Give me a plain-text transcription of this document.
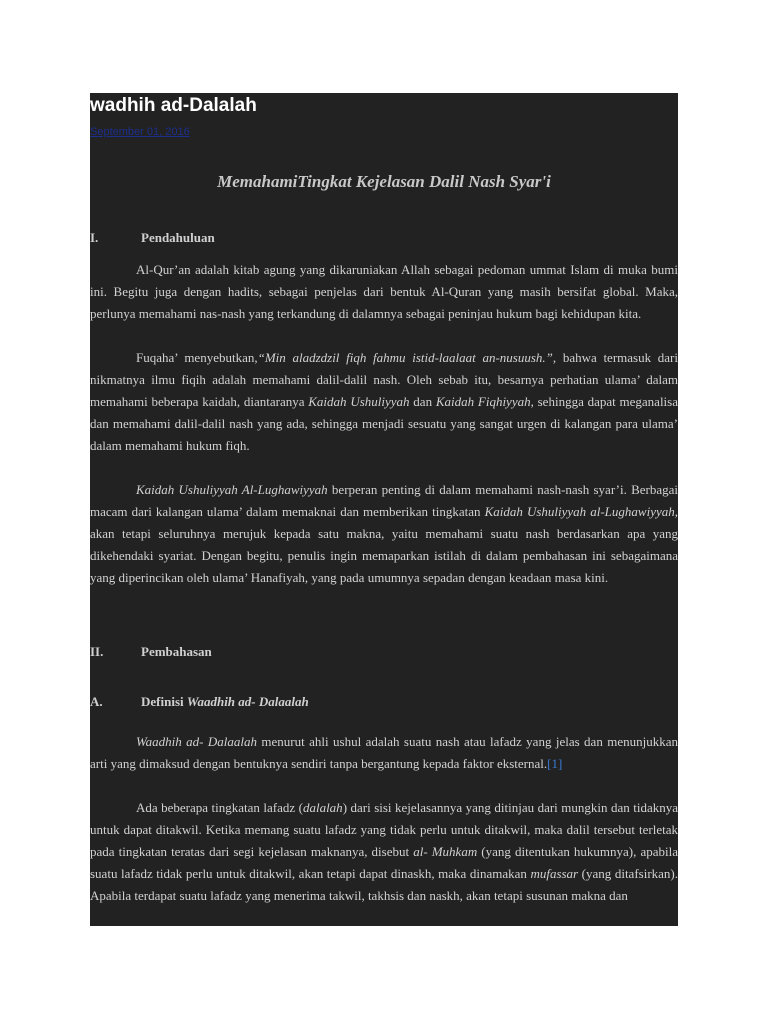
wadhih ad-Dalalah
September 01, 2016
MemahamiTingkat Kejelasan Dalil Nash Syar'i
I.	Pendahuluan

Al-Qur’an adalah kitab agung yang dikaruniakan Allah sebagai pedoman ummat Islam di muka bumi ini. Begitu juga dengan hadits, sebagai penjelas dari bentuk Al-Quran yang masih bersifat global. Maka, perlunya memahami nas-nash yang terkandung di dalamnya sebagai peninjau hukum bagi kehidupan kita.

Fuqaha’ menyebutkan,“Min aladzdzil fiqh fahmu istid-laalaat an-nusuush.”, bahwa termasuk dari nikmatnya ilmu fiqih adalah memahami dalil-dalil nash. Oleh sebab itu, besarnya perhatian ulama’ dalam memahami beberapa kaidah, diantaranya Kaidah Ushuliyyah dan Kaidah Fiqhiyyah, sehingga dapat meganalisa dan memahami dalil-dalil nash yang ada, sehingga menjadi sesuatu yang sangat urgen di kalangan para ulama’ dalam memahami hukum fiqh.

Kaidah Ushuliyyah Al-Lughawiyyah berperan penting di dalam memahami nash-nash syar’i. Berbagai macam dari kalangan ulama’ dalam memaknai dan memberikan tingkatan Kaidah Ushuliyyah al-Lughawiyyah, akan tetapi seluruhnya merujuk kepada satu makna, yaitu memahami suatu nash berdasarkan apa yang dikehendaki syariat. Dengan begitu, penulis ingin memaparkan istilah di dalam pembahasan ini sebagaimana yang diperincikan oleh ulama’ Hanafiyah, yang pada umumnya sepadan dengan keadaan masa kini.

II.	Pembahasan
A.	Definisi Waadhih ad- Dalaalah

Waadhih ad- Dalaalah menurut ahli ushul adalah suatu nash atau lafadz yang jelas dan menunjukkan arti yang dimaksud dengan bentuknya sendiri tanpa bergantung kepada faktor eksternal.[1]

Ada beberapa tingkatan lafadz (dalalah) dari sisi kejelasannya yang ditinjau dari mungkin dan tidaknya untuk dapat ditakwil. Ketika memang suatu lafadz yang tidak perlu untuk ditakwil, maka dalil tersebut terletak pada tingkatan teratas dari segi kejelasan maknanya, disebut al- Muhkam (yang ditentukan hukumnya), apabila suatu lafadz tidak perlu untuk ditakwil, akan tetapi dapat dinaskh, maka dinamakan mufassar (yang ditafsirkan). Apabila terdapat suatu lafadz yang menerima takwil, takhsis dan naskh, akan tetapi susunan makna dan
